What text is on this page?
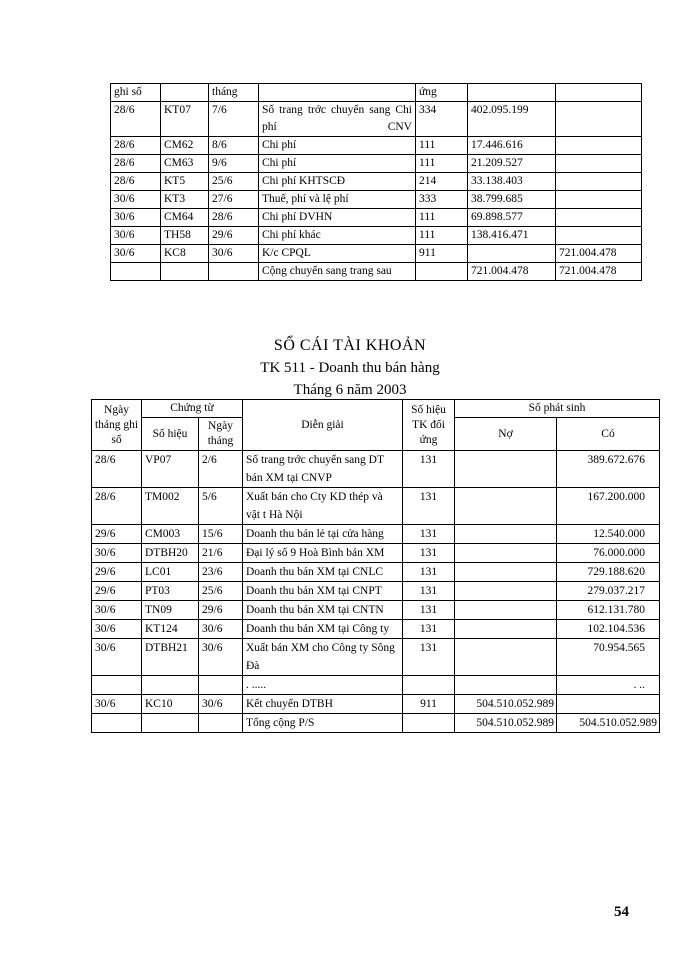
ghi sổ		tháng		ứng		
28/6	KT07	7/6	Số trang trớc chuyển sang Chi phí CNV	334	402.095.199	
28/6	CM62	8/6	Chi phí	111	17.446.616	
28/6	CM63	9/6	Chi phí	111	21.209.527	
28/6	KT5	25/6	Chi phí KHTSCĐ	214	33.138.403	
30/6	KT3	27/6	Thuế, phí và lệ phí	333	38.799.685	
30/6	CM64	28/6	Chi phí DVHN	111	69.898.577	
30/6	TH58	29/6	Chi phí khác	111	138.416.471	
30/6	KC8	30/6	K/c CPQL	911		721.004.478
			Cộng chuyển sang trang sau		721.004.478	721.004.478
SỔ CÁI TÀI KHOẢN
TK 511 - Doanh thu bán hàng
Tháng 6 năm 2003
Ngày tháng ghi sổ	Chứng từ		Diễn giải	Số hiệu TK đối ứng	Số phát sinh	
	Số hiệu	Ngày tháng			Nợ	Có
28/6	VP07	2/6	Số trang trớc chuyển sang DT bán XM tại CNVP	131		389.672.676
28/6	TM002	5/6	Xuất bán cho Cty KD thép và vật t Hà Nội	131		167.200.000
29/6	CM003	15/6	Doanh thu bán lẻ tại cửa hàng	131		12.540.000
30/6	DTBH20	21/6	Đại lý số 9 Hoà Bình bán XM	131		76.000.000
29/6	LC01	23/6	Doanh thu bán XM tại CNLC	131		729.188.620
29/6	PT03	25/6	Doanh thu bán XM tại CNPT	131		279.037.217
30/6	TN09	29/6	Doanh thu bán XM tại CNTN	131		612.131.780
30/6	KT124	30/6	Doanh thu bán XM tại Công ty	131		102.104.536
30/6	DTBH21	30/6	Xuất bán XM cho Công ty Sông Đà	131		70.954.565
			. .....			. ..
30/6	KC10	30/6	Kết chuyển DTBH	911	504.510.052.989	
			Tổng cộng P/S		504.510.052.989	504.510.052.989
54
